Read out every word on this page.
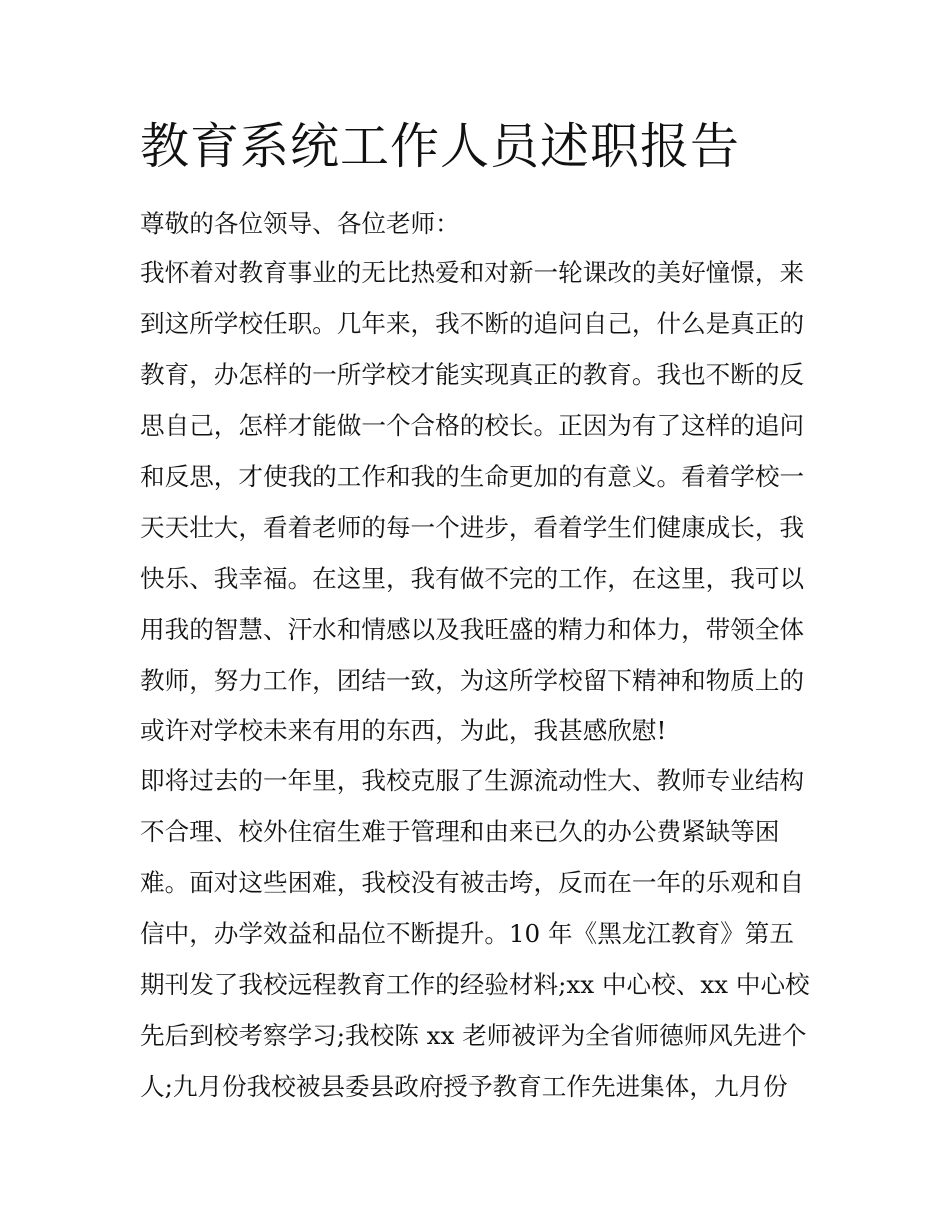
教育系统工作人员述职报告

尊敬的各位领导、各位老师：

我怀着对教育事业的无比热爱和对新一轮课改的美好憧憬，来

到这所学校任职。几年来，我不断的追问自己，什么是真正的

教育，办怎样的一所学校才能实现真正的教育。我也不断的反

思自己，怎样才能做一个合格的校长。正因为有了这样的追问

和反思，才使我的工作和我的生命更加的有意义。看着学校一

天天壮大，看着老师的每一个进步，看着学生们健康成长，我

快乐、我幸福。在这里，我有做不完的工作，在这里，我可以

用我的智慧、汗水和情感以及我旺盛的精力和体力，带领全体

教师，努力工作，团结一致，为这所学校留下精神和物质上的

或许对学校未来有用的东西，为此，我甚感欣慰!

即将过去的一年里，我校克服了生源流动性大、教师专业结构

不合理、校外住宿生难于管理和由来已久的办公费紧缺等困

难。面对这些困难，我校没有被击垮，反而在一年的乐观和自

信中，办学效益和品位不断提升。10 年《黑龙江教育》第五

期刊发了我校远程教育工作的经验材料;xx 中心校、xx 中心校

先后到校考察学习;我校陈 xx 老师被评为全省师德师风先进个

人;九月份我校被县委县政府授予教育工作先进集体，九月份
